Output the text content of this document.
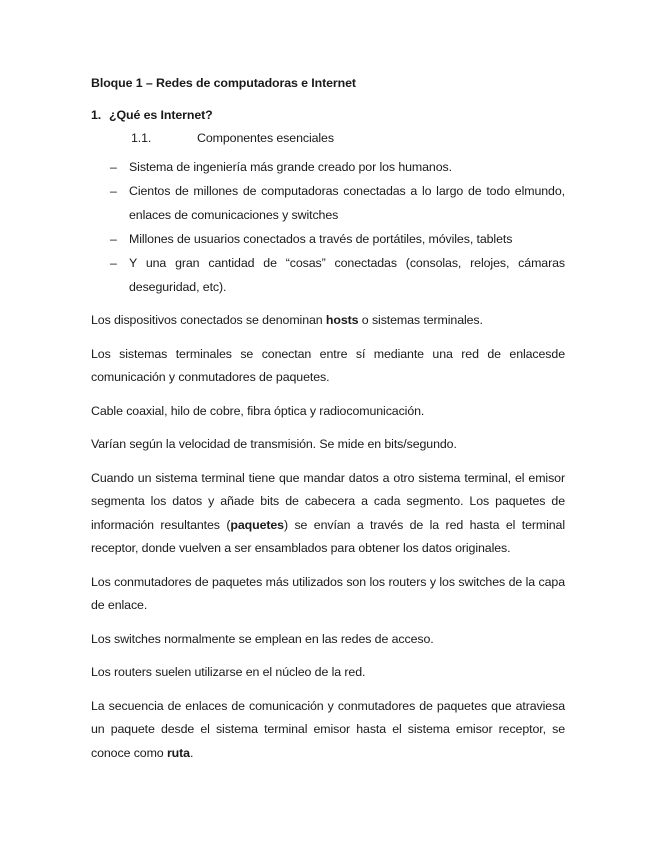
Bloque 1 – Redes de computadoras e Internet
1. ¿Qué es Internet?
1.1.	Componentes esenciales
– Sistema de ingeniería más grande creado por los humanos.
– Cientos de millones de computadoras conectadas a lo largo de todo elmundo, enlaces de comunicaciones y switches
– Millones de usuarios conectados a través de portátiles, móviles, tablets
– Y una gran cantidad de “cosas” conectadas (consolas, relojes, cámaras deseguridad, etc).

Los dispositivos conectados se denominan hosts o sistemas terminales.

Los sistemas terminales se conectan entre sí mediante una red de enlacesde comunicación y conmutadores de paquetes.

Cable coaxial, hilo de cobre, fibra óptica y radiocomunicación.

Varían según la velocidad de transmisión. Se mide en bits/segundo.

Cuando un sistema terminal tiene que mandar datos a otro sistema terminal, el emisor segmenta los datos y añade bits de cabecera a cada segmento. Los paquetes de información resultantes (paquetes) se envían a través de la red hasta el terminal receptor, donde vuelven a ser ensamblados para obtener los datos originales.

Los conmutadores de paquetes más utilizados son los routers y los switches de la capa de enlace.

Los switches normalmente se emplean en las redes de acceso.

Los routers suelen utilizarse en el núcleo de la red.

La secuencia de enlaces de comunicación y conmutadores de paquetes que atraviesa un paquete desde el sistema terminal emisor hasta el sistema emisor receptor, se conoce como ruta.
